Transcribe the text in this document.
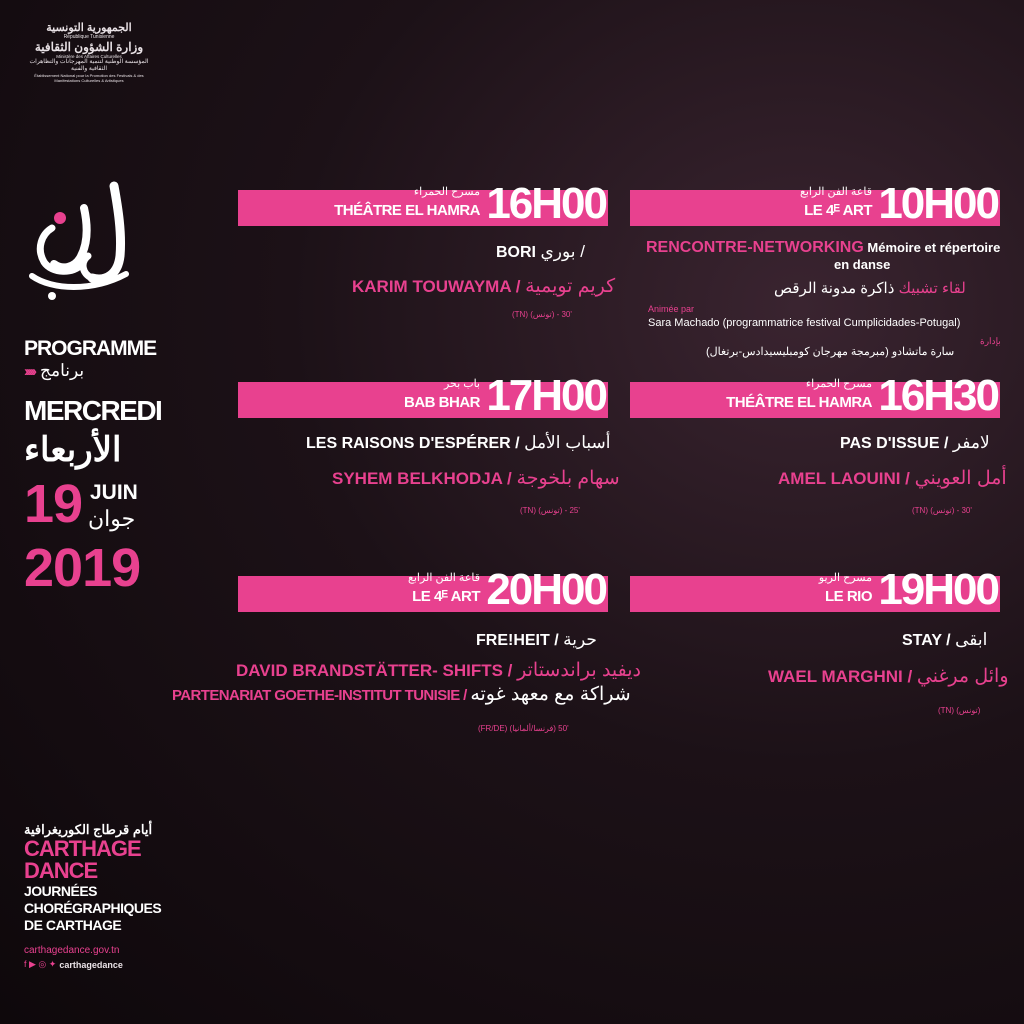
الجمهورية التونسية
République Tunisienne
وزارة الشؤون الثقافية
Ministère des Affaires Culturelles
المؤسسة الوطنية لتنمية المهرجانات والتظاهرات الثقافية والفنية
Établissement National pour la Promotion des Festivals & des Manifestations Culturelles & Artistiques
PROGRAMME
››››› برنامج
MERCREDI
الأربعاء
19 JUIN
جوان
2019
أيام قرطاج الكوريغرافية
CARTHAGE
DANCE
JOURNÉES
CHORÉGRAPHIQUES
DE CARTHAGE
carthagedance.gov.tn
f ▶ ◎ ✦ carthagedance
قاعة الفن الرابع
LE 4ᴱ ART 10H00
RENCONTRE-NETWORKING Mémoire et répertoire
en danse
لقاء تشبيك ذاكرة مدونة الرقص
Animée par
Sara Machado (programmatrice festival Cumplicidades-Potugal)
بإدارة
سارة ماتشادو (مبرمجة مهرجان كومبليسيدادس-برتغال)
مسرح الحمراء
THÉÂTRE EL HAMRA 16H00
BORI بوري /
KARIM TOUWAYMA / كريم تويمية
(TN) (تونس) - 30'
مسرح الحمراء
THÉÂTRE EL HAMRA 16H30
PAS D'ISSUE / لامفر
AMEL LAOUINI / أمل العويني
(TN) (تونس) - 30'
باب بحر
BAB BHAR 17H00
LES RAISONS D'ESPÉRER / أسباب الأمل
SYHEM BELKHODJA / سهام بلخوجة
(TN) (تونس) - 25'
مسرح الريو
LE RIO 19H00
STAY / ابقى
WAEL MARGHNI / وائل مرغني
(TN) (تونس)
قاعة الفن الرابع
LE 4ᴱ ART 20H00
FRE!HEIT / حرية
DAVID BRANDSTÄTTER- SHIFTS / ديفيد براندستاتر
PARTENARIAT GOETHE-INSTITUT TUNISIE / شراكة مع معهد غوته
(FR/DE) (فرنسا/ألمانيا) 50'
